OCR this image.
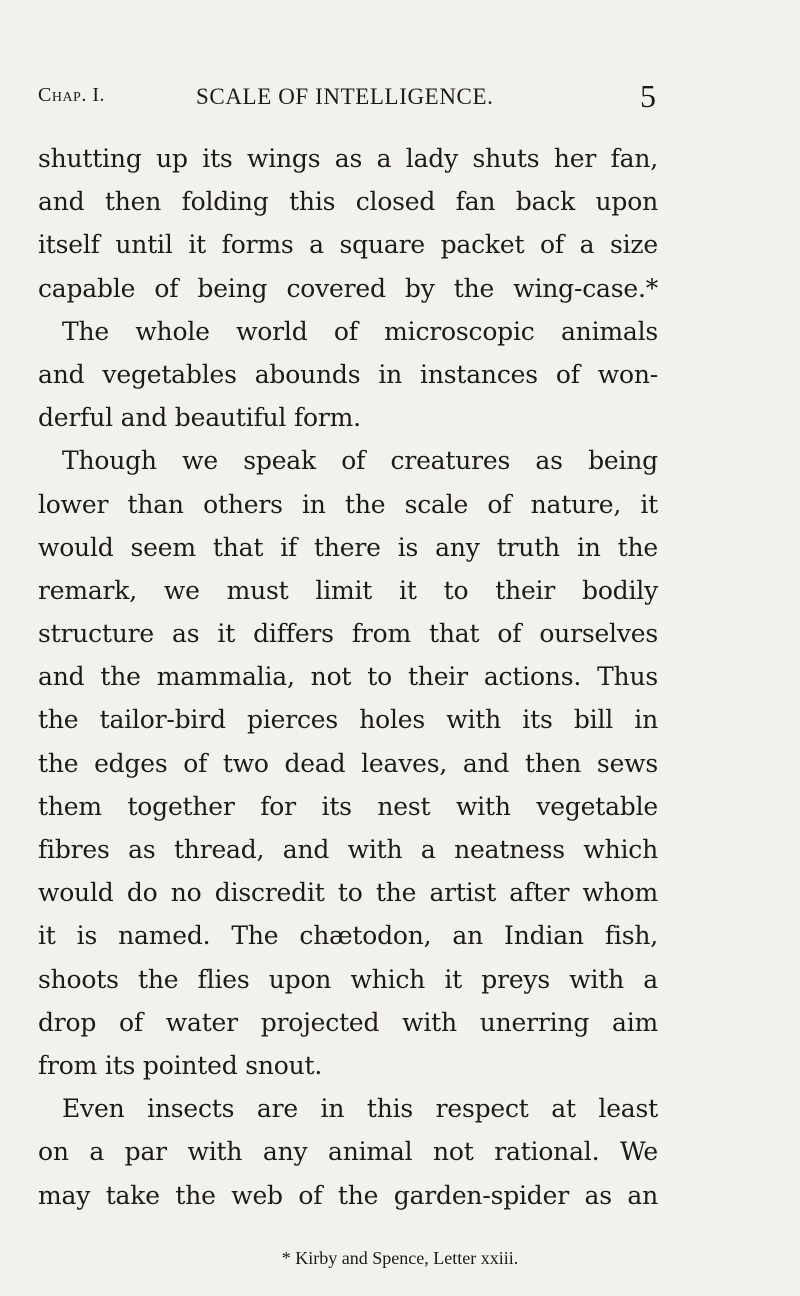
Chap. I.	SCALE OF INTELLIGENCE.	5
shutting up its wings as a lady shuts her fan,
and then folding this closed fan back upon
itself until it forms a square packet of a size
capable of being covered by the wing-case.*
The whole world of microscopic animals
and vegetables abounds in instances of won-
derful and beautiful form.
Though we speak of creatures as being
lower than others in the scale of nature, it
would seem that if there is any truth in the
remark, we must limit it to their bodily
structure as it differs from that of ourselves
and the mammalia, not to their actions. Thus
the tailor-bird pierces holes with its bill in
the edges of two dead leaves, and then sews
them together for its nest with vegetable
fibres as thread, and with a neatness which
would do no discredit to the artist after whom
it is named. The chætodon, an Indian fish,
shoots the flies upon which it preys with a
drop of water projected with unerring aim
from its pointed snout.
Even insects are in this respect at least
on a par with any animal not rational. We
may take the web of the garden-spider as an
* Kirby and Spence, Letter xxiii.
